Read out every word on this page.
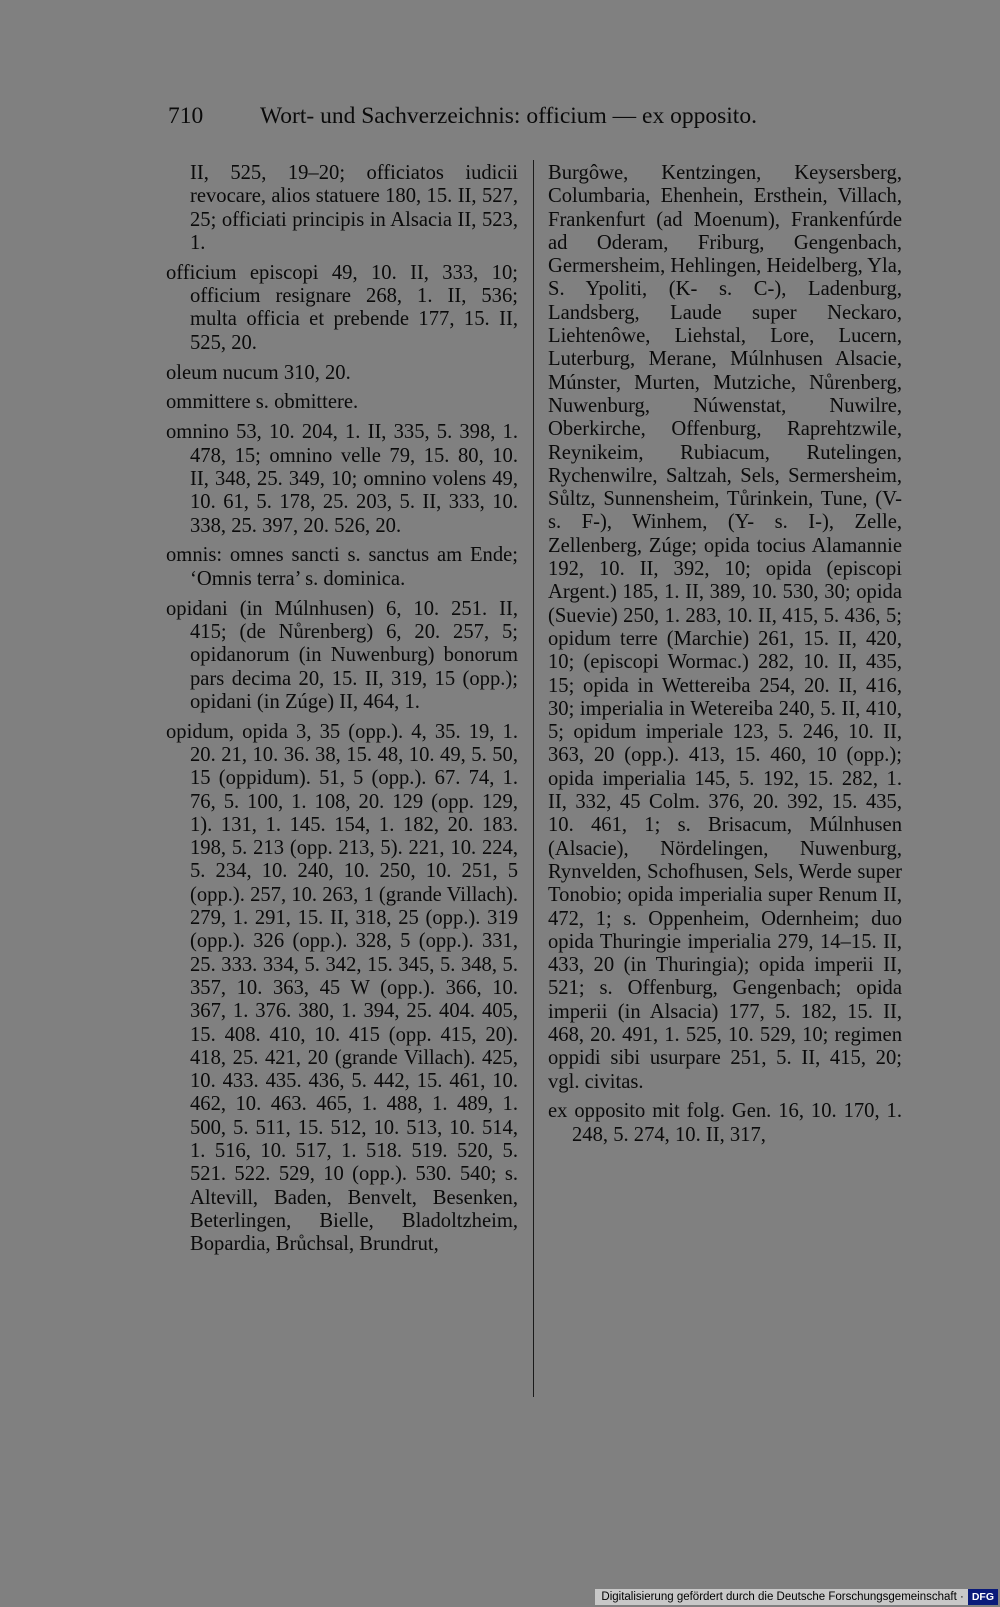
710 Wort- und Sachverzeichnis: officium — ex opposito.

II, 525, 19–20; officiatos iudicii revocare, alios statuere 180, 15. II, 527, 25; officiati principis in Alsacia II, 523, 1.

officium episcopi 49, 10. II, 333, 10; officium resignare 268, 1. II, 536; multa officia et prebende 177, 15. II, 525, 20.

oleum nucum 310, 20.

ommittere s. obmittere.

omnino 53, 10. 204, 1. II, 335, 5. 398, 1. 478, 15; omnino velle 79, 15. 80, 10. II, 348, 25. 349, 10; omnino volens 49, 10. 61, 5. 178, 25. 203, 5. II, 333, 10. 338, 25. 397, 20. 526, 20.

omnis: omnes sancti s. sanctus am Ende; ‘Omnis terra’ s. dominica.

opidani (in Múlnhusen) 6, 10. 251. II, 415; (de Nůrenberg) 6, 20. 257, 5; opidanorum (in Nuwenburg) bonorum pars decima 20, 15. II, 319, 15 (opp.); opidani (in Zúge) II, 464, 1.

opidum, opida 3, 35 (opp.). 4, 35. 19, 1. 20. 21, 10. 36. 38, 15. 48, 10. 49, 5. 50, 15 (oppidum). 51, 5 (opp.). 67. 74, 1. 76, 5. 100, 1. 108, 20. 129 (opp. 129, 1). 131, 1. 145. 154, 1. 182, 20. 183. 198, 5. 213 (opp. 213, 5). 221, 10. 224, 5. 234, 10. 240, 10. 250, 10. 251, 5 (opp.). 257, 10. 263, 1 (grande Villach). 279, 1. 291, 15. II, 318, 25 (opp.). 319 (opp.). 326 (opp.). 328, 5 (opp.). 331, 25. 333. 334, 5. 342, 15. 345, 5. 348, 5. 357, 10. 363, 45 W (opp.). 366, 10. 367, 1. 376. 380, 1. 394, 25. 404. 405, 15. 408. 410, 10. 415 (opp. 415, 20). 418, 25. 421, 20 (grande Villach). 425, 10. 433. 435. 436, 5. 442, 15. 461, 10. 462, 10. 463. 465, 1. 488, 1. 489, 1. 500, 5. 511, 15. 512, 10. 513, 10. 514, 1. 516, 10. 517, 1. 518. 519. 520, 5. 521. 522. 529, 10 (opp.). 530. 540; s. Altevill, Baden, Benvelt, Besenken, Beterlingen, Bielle, Bladoltzheim, Bopardia, Brůchsal, Brundrut,

Burgôwe, Kentzingen, Keysersberg, Columbaria, Ehenhein, Ersthein, Villach, Frankenfurt (ad Moenum), Frankenfúrde ad Oderam, Friburg, Gengenbach, Germersheim, Hehlingen, Heidelberg, Yla, S. Ypoliti, (K- s. C-), Ladenburg, Landsberg, Laude super Neckaro, Liehtenôwe, Liehstal, Lore, Lucern, Luterburg, Merane, Múlnhusen Alsacie, Múnster, Murten, Mutziche, Nůrenberg, Nuwenburg, Núwenstat, Nuwilre, Oberkirche, Offenburg, Raprehtzwile, Reynikeim, Rubiacum, Rutelingen, Rychenwilre, Saltzah, Sels, Sermersheim, Sůltz, Sunnensheim, Tůrinkein, Tune, (V- s. F-), Winhem, (Y- s. I-), Zelle, Zellenberg, Zúge; opida tocius Alamannie 192, 10. II, 392, 10; opida (episcopi Argent.) 185, 1. II, 389, 10. 530, 30; opida (Suevie) 250, 1. 283, 10. II, 415, 5. 436, 5; opidum terre (Marchie) 261, 15. II, 420, 10; (episcopi Wormac.) 282, 10. II, 435, 15; opida in Wettereiba 254, 20. II, 416, 30; imperialia in Wetereiba 240, 5. II, 410, 5; opidum imperiale 123, 5. 246, 10. II, 363, 20 (opp.). 413, 15. 460, 10 (opp.); opida imperialia 145, 5. 192, 15. 282, 1. II, 332, 45 Colm. 376, 20. 392, 15. 435, 10. 461, 1; s. Brisacum, Múlnhusen (Alsacie), Nördelingen, Nuwenburg, Rynvelden, Schofhusen, Sels, Werde super Tonobio; opida imperialia super Renum II, 472, 1; s. Oppenheim, Odernheim; duo opida Thuringie imperialia 279, 14–15. II, 433, 20 (in Thuringia); opida imperii II, 521; s. Offenburg, Gengenbach; opida imperii (in Alsacia) 177, 5. 182, 15. II, 468, 20. 491, 1. 525, 10. 529, 10; regimen oppidi sibi usurpare 251, 5. II, 415, 20; vgl. civitas.

ex opposito mit folg. Gen. 16, 10. 170, 1. 248, 5. 274, 10. II, 317,

Digitalisierung gefördert durch die Deutsche Forschungsgemeinschaft · DFG
